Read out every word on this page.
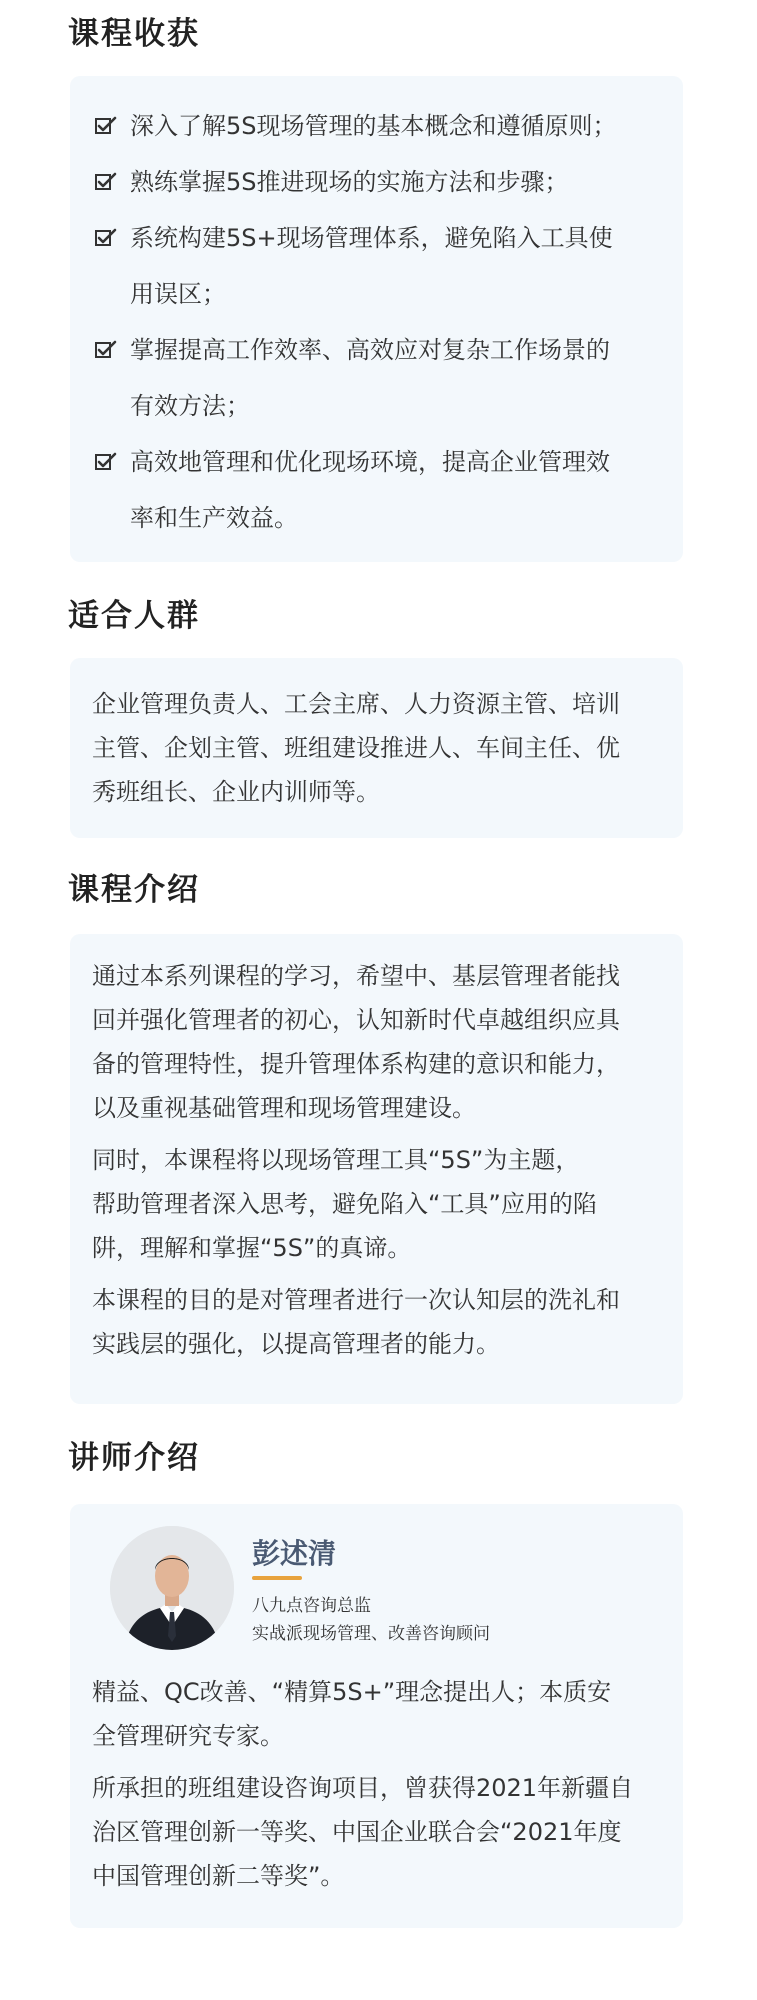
课程收获
深入了解5S现场管理的基本概念和遵循原则；
熟练掌握5S推进现场的实施方法和步骤；
系统构建5S+现场管理体系，避免陷入工具使
用误区；
掌握提高工作效率、高效应对复杂工作场景的
有效方法；
高效地管理和优化现场环境，提高企业管理效
率和生产效益。
适合人群

企业管理负责人、工会主席、人力资源主管、培训

主管、企划主管、班组建设推进人、车间主任、优

秀班组长、企业内训师等。

课程介绍

通过本系列课程的学习，希望中、基层管理者能找

回并强化管理者的初心，认知新时代卓越组织应具

备的管理特性，提升管理体系构建的意识和能力，

以及重视基础管理和现场管理建设。

同时，本课程将以现场管理工具“5S”为主题，

帮助管理者深入思考，避免陷入“工具”应用的陷

阱，理解和掌握“5S”的真谛。

本课程的目的是对管理者进行一次认知层的洗礼和

实践层的强化，以提高管理者的能力。

讲师介绍
彭述清
八九点咨询总监
实战派现场管理、改善咨询顾问

精益、QC改善、“精算5S+”理念提出人；本质安

全管理研究专家。

所承担的班组建设咨询项目，曾获得2021年新疆自

治区管理创新一等奖、中国企业联合会“2021年度

中国管理创新二等奖”。
